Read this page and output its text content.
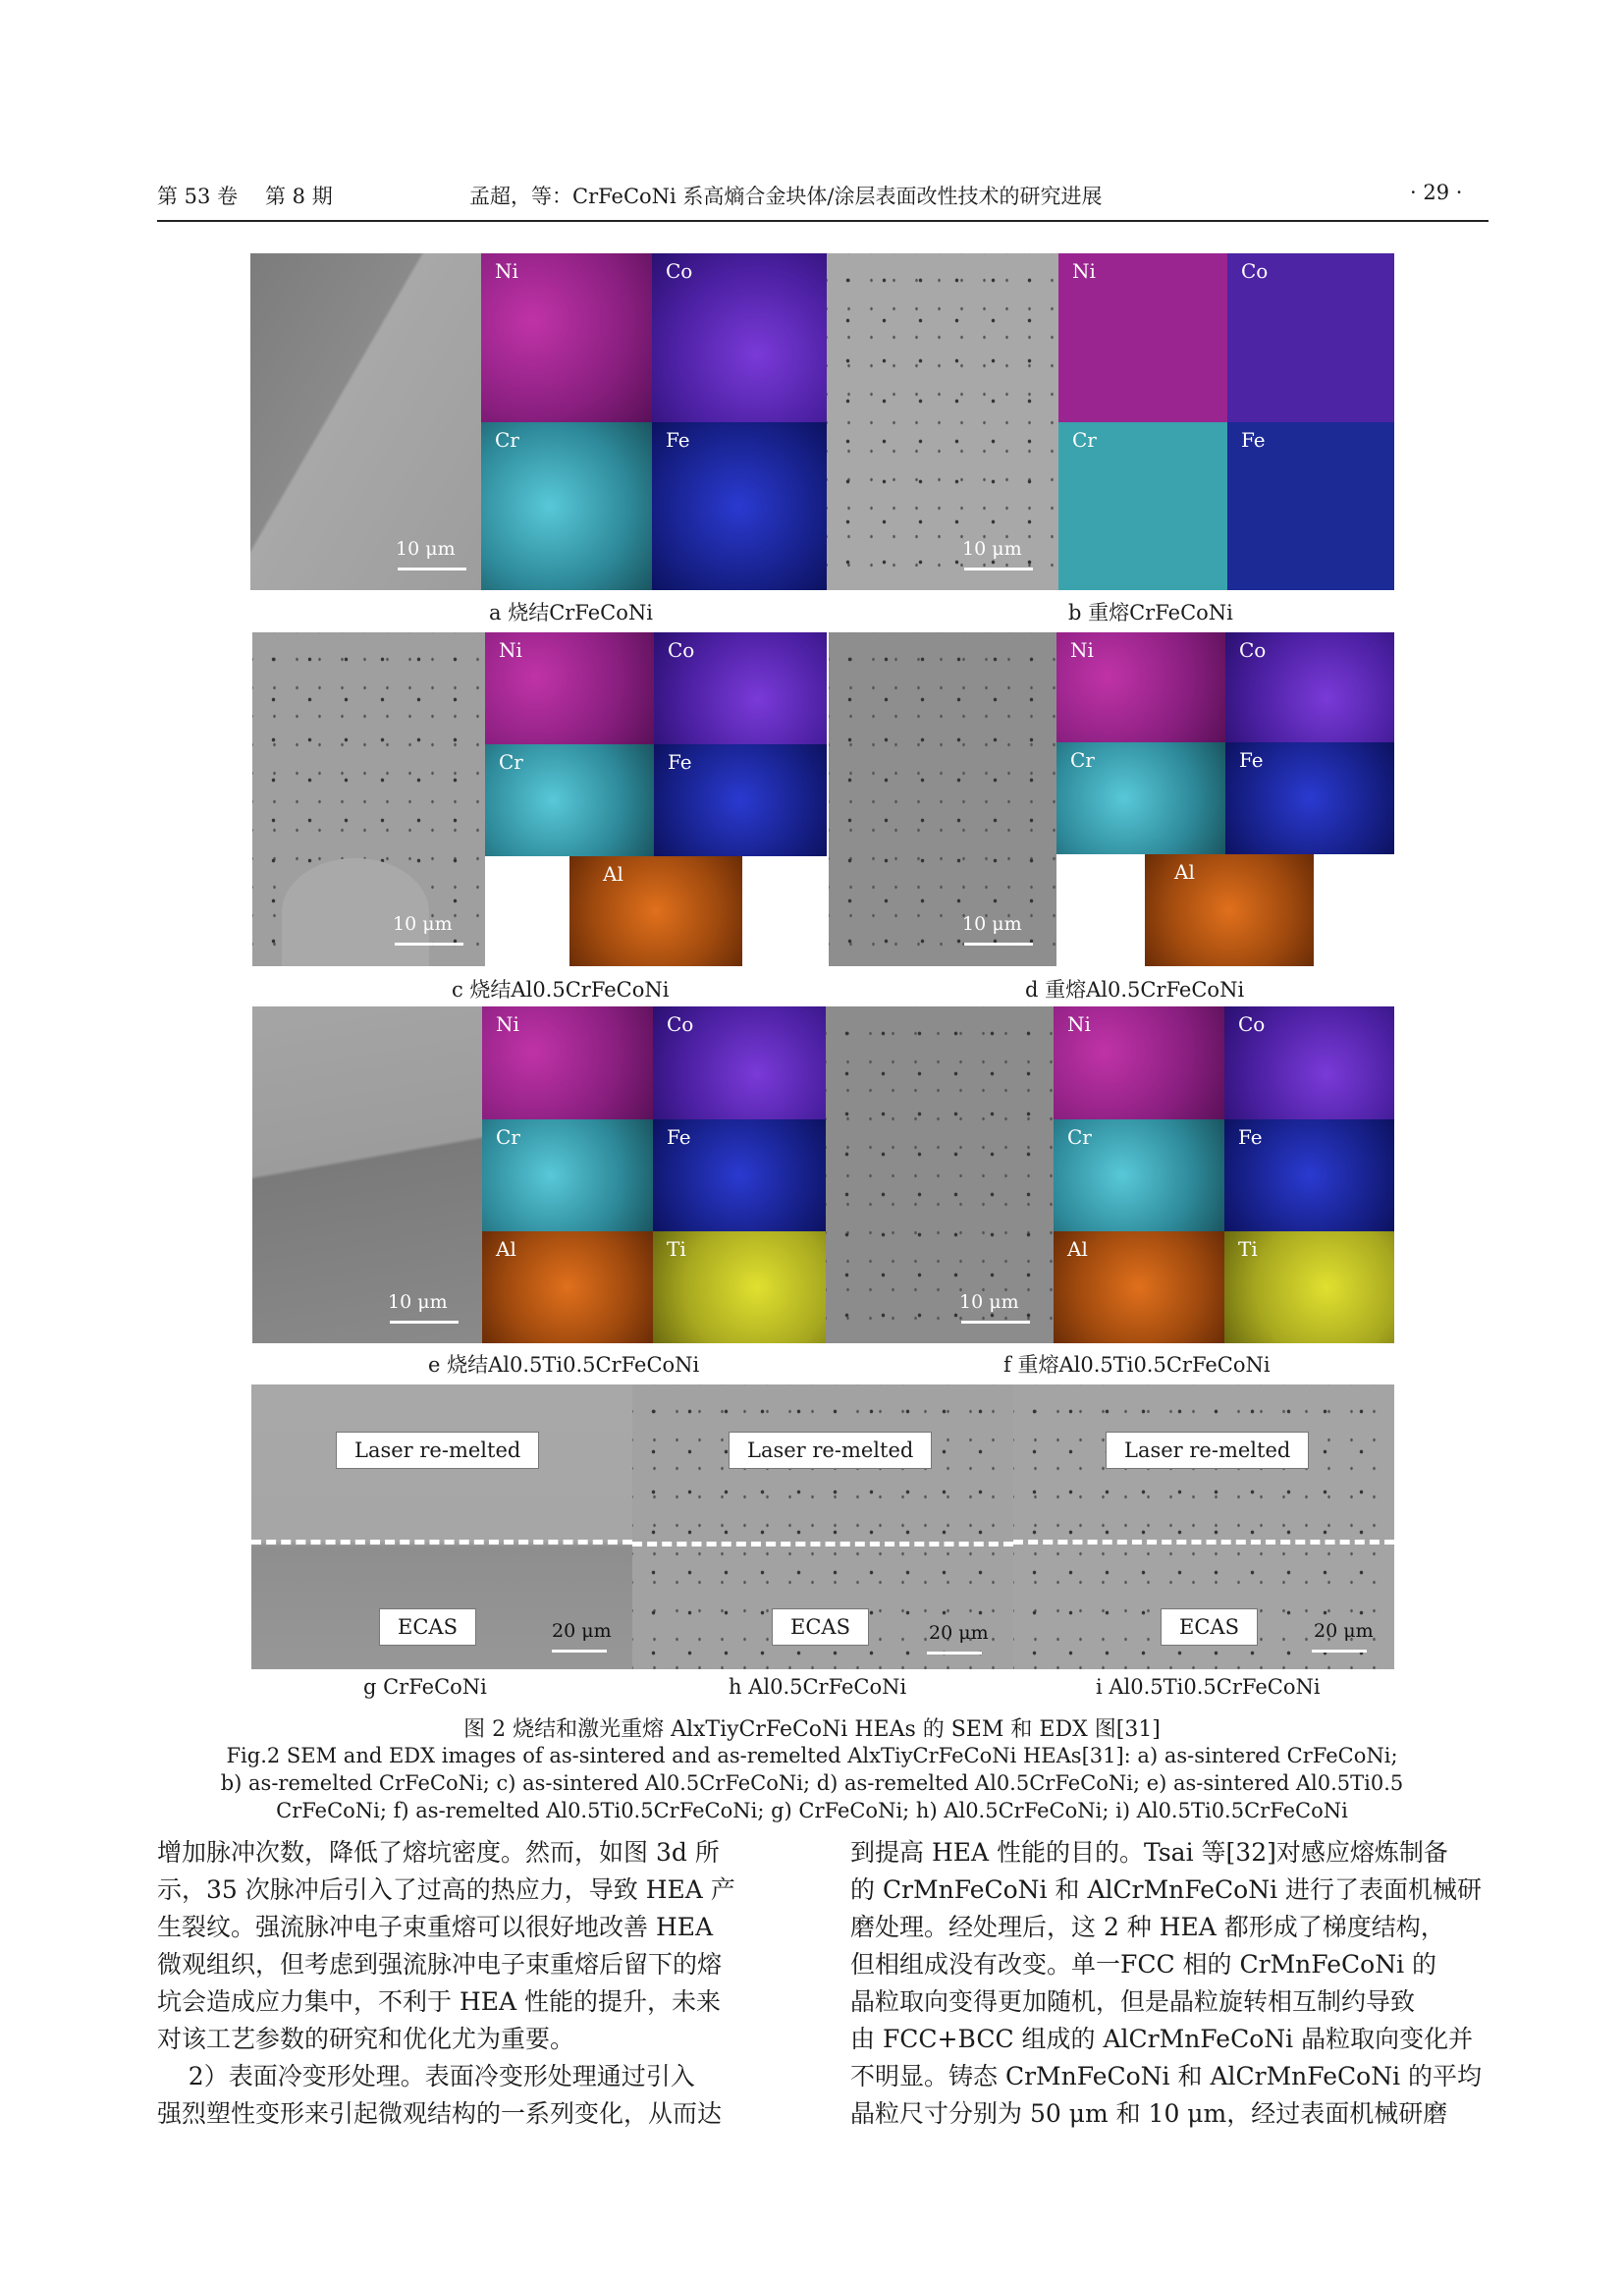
第 53 卷 第 8 期	孟超，等：CrFeCoNi 系高熵合金块体/涂层表面改性技术的研究进展	· 29 ·
10 μm
Ni	Co
Cr	Fe
10 μm
Ni	Co
Cr	Fe
a 烧结CrFeCoNi	b 重熔CrFeCoNi
10 μm
Ni	Co
Cr	Fe
Al
10 μm
Ni	Co
Cr	Fe
Al
c 烧结Al0.5CrFeCoNi	d 重熔Al0.5CrFeCoNi
10 μm
Ni	Co
Cr	Fe
Al	Ti
10 μm
Ni	Co
Cr	Fe
Al	Ti
e 烧结Al0.5Ti0.5CrFeCoNi	f 重熔Al0.5Ti0.5CrFeCoNi
Laser re-melted
ECAS	20 μm
Laser re-melted
ECAS	20 μm
Laser re-melted
ECAS	20 μm
g CrFeCoNi	h Al0.5CrFeCoNi	i Al0.5Ti0.5CrFeCoNi
图 2 烧结和激光重熔 AlxTiyCrFeCoNi HEAs 的 SEM 和 EDX 图[31]
Fig.2 SEM and EDX images of as-sintered and as-remelted AlxTiyCrFeCoNi HEAs[31]: a) as-sintered CrFeCoNi;
b) as-remelted CrFeCoNi; c) as-sintered Al0.5CrFeCoNi; d) as-remelted Al0.5CrFeCoNi; e) as-sintered Al0.5Ti0.5
CrFeCoNi; f) as-remelted Al0.5Ti0.5CrFeCoNi; g) CrFeCoNi; h) Al0.5CrFeCoNi; i) Al0.5Ti0.5CrFeCoNi
增加脉冲次数，降低了熔坑密度。然而，如图 3d 所
示，35 次脉冲后引入了过高的热应力，导致 HEA 产
生裂纹。强流脉冲电子束重熔可以很好地改善 HEA
微观组织，但考虑到强流脉冲电子束重熔后留下的熔
坑会造成应力集中，不利于 HEA 性能的提升，未来
对该工艺参数的研究和优化尤为重要。
2）表面冷变形处理。表面冷变形处理通过引入
强烈塑性变形来引起微观结构的一系列变化，从而达
到提高 HEA 性能的目的。Tsai 等[32]对感应熔炼制备
的 CrMnFeCoNi 和 AlCrMnFeCoNi 进行了表面机械研
磨处理。经处理后，这 2 种 HEA 都形成了梯度结构，
但相组成没有改变。单一FCC 相的 CrMnFeCoNi 的
晶粒取向变得更加随机，但是晶粒旋转相互制约导致
由 FCC+BCC 组成的 AlCrMnFeCoNi 晶粒取向变化并
不明显。铸态 CrMnFeCoNi 和 AlCrMnFeCoNi 的平均
晶粒尺寸分别为 50 μm 和 10 μm，经过表面机械研磨
